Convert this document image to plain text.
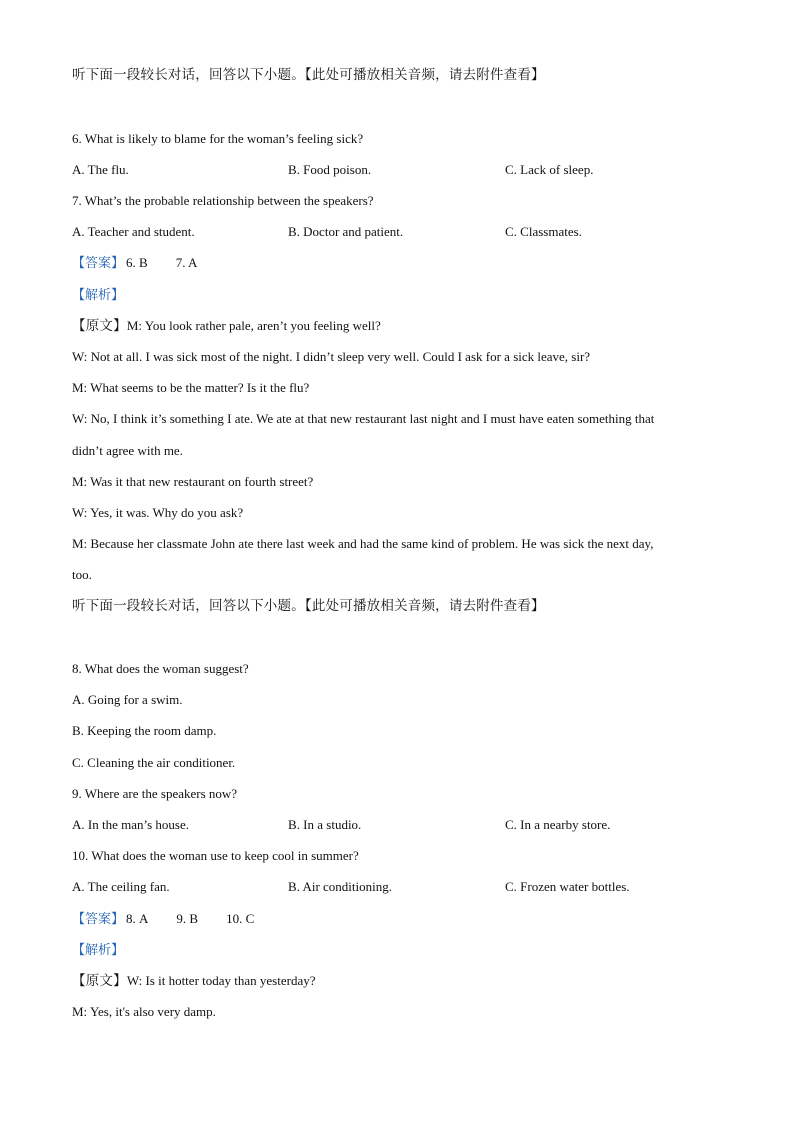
听下面一段较长对话，回答以下小题。【此处可播放相关音频，请去附件查看】
6. What is likely to blame for the woman’s feeling sick?
A. The flu.	B. Food poison.	C. Lack of sleep.
7. What’s the probable relationship between the speakers?
A. Teacher and student.	B. Doctor and patient.	C. Classmates.
【答案】 6. B 7. A
【解析】
【原文】M: You look rather pale, aren’t you feeling well?
W: Not at all. I was sick most of the night. I didn’t sleep very well. Could I ask for a sick leave, sir?
M: What seems to be the matter? Is it the flu?
W: No, I think it’s something I ate. We ate at that new restaurant last night and I must have eaten something that
didn’t agree with me.
M: Was it that new restaurant on fourth street?
W: Yes, it was. Why do you ask?
M: Because her classmate John ate there last week and had the same kind of problem. He was sick the next day,
too.
听下面一段较长对话，回答以下小题。【此处可播放相关音频，请去附件查看】
8. What does the woman suggest?
A. Going for a swim.
B. Keeping the room damp.
C. Cleaning the air conditioner.
9. Where are the speakers now?
A. In the man’s house.	B. In a studio.	C. In a nearby store.
10. What does the woman use to keep cool in summer?
A. The ceiling fan.	B. Air conditioning.	C. Frozen water bottles.
【答案】 8. A 9. B 10. C
【解析】
【原文】W: Is it hotter today than yesterday?
M: Yes, it's also very damp.
